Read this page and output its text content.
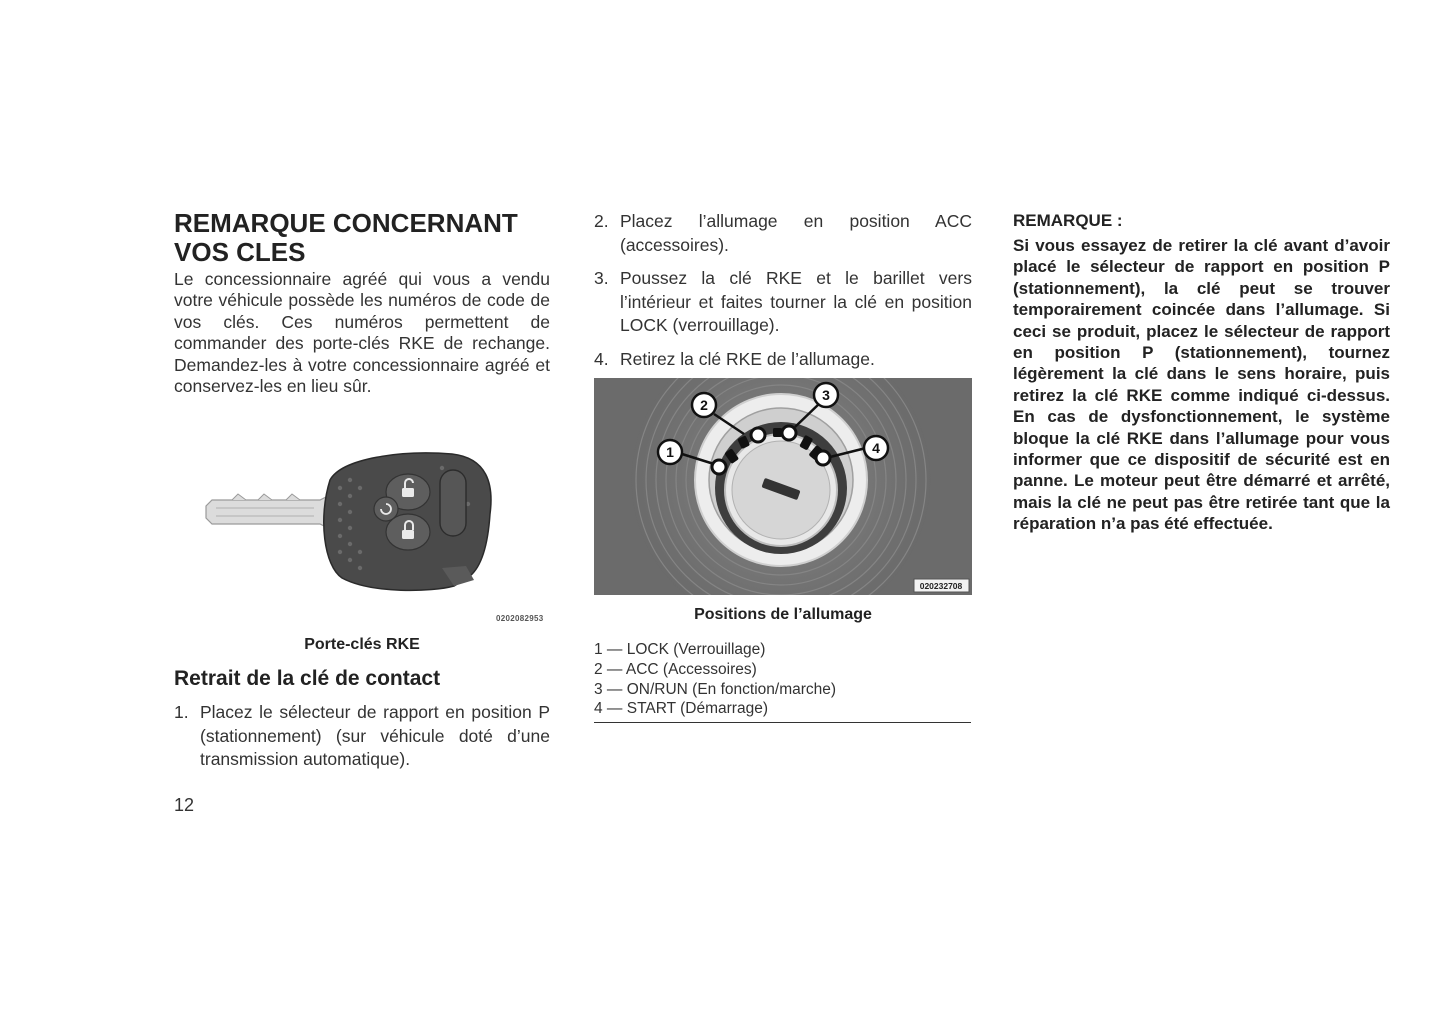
REMARQUE CONCERNANT
VOS CLES

Le concessionnaire agréé qui vous a vendu votre véhicule possède les numéros de code de vos clés. Ces numéros permettent de commander des porte-clés RKE de rechange. Demandez-les à votre concessionnaire agréé et conservez-les en lieu sûr.

0202082953
Porte-clés RKE
Retrait de la clé de contact
1. Placez le sélecteur de rapport en position P (stationnement) (sur véhicule doté d’une transmission automatique).
12
2. Placez l’allumage en position ACC (accessoires).
3. Poussez la clé RKE et le barillet vers l’intérieur et faites tourner la clé en position LOCK (verrouillage).
4. Retirez la clé RKE de l’allumage.
1
2
3
4
020232708
Positions de l’allumage
1 — LOCK (Verrouillage)
2 — ACC (Accessoires)
3 — ON/RUN (En fonction/marche)
4 — START (Démarrage)
REMARQUE :

Si vous essayez de retirer la clé avant d’avoir placé le sélecteur de rapport en position P (stationnement), la clé peut se trouver temporairement coincée dans l’allumage. Si ceci se produit, placez le sélecteur de rapport en position P (stationnement), tournez légèrement la clé dans le sens horaire, puis retirez la clé RKE comme indiqué ci-dessus. En cas de dysfonctionnement, le système bloque la clé RKE dans l’allumage pour vous informer que ce dispositif de sécurité est en panne. Le moteur peut être démarré et arrêté, mais la clé ne peut pas être retirée tant que la réparation n’a pas été effectuée.
